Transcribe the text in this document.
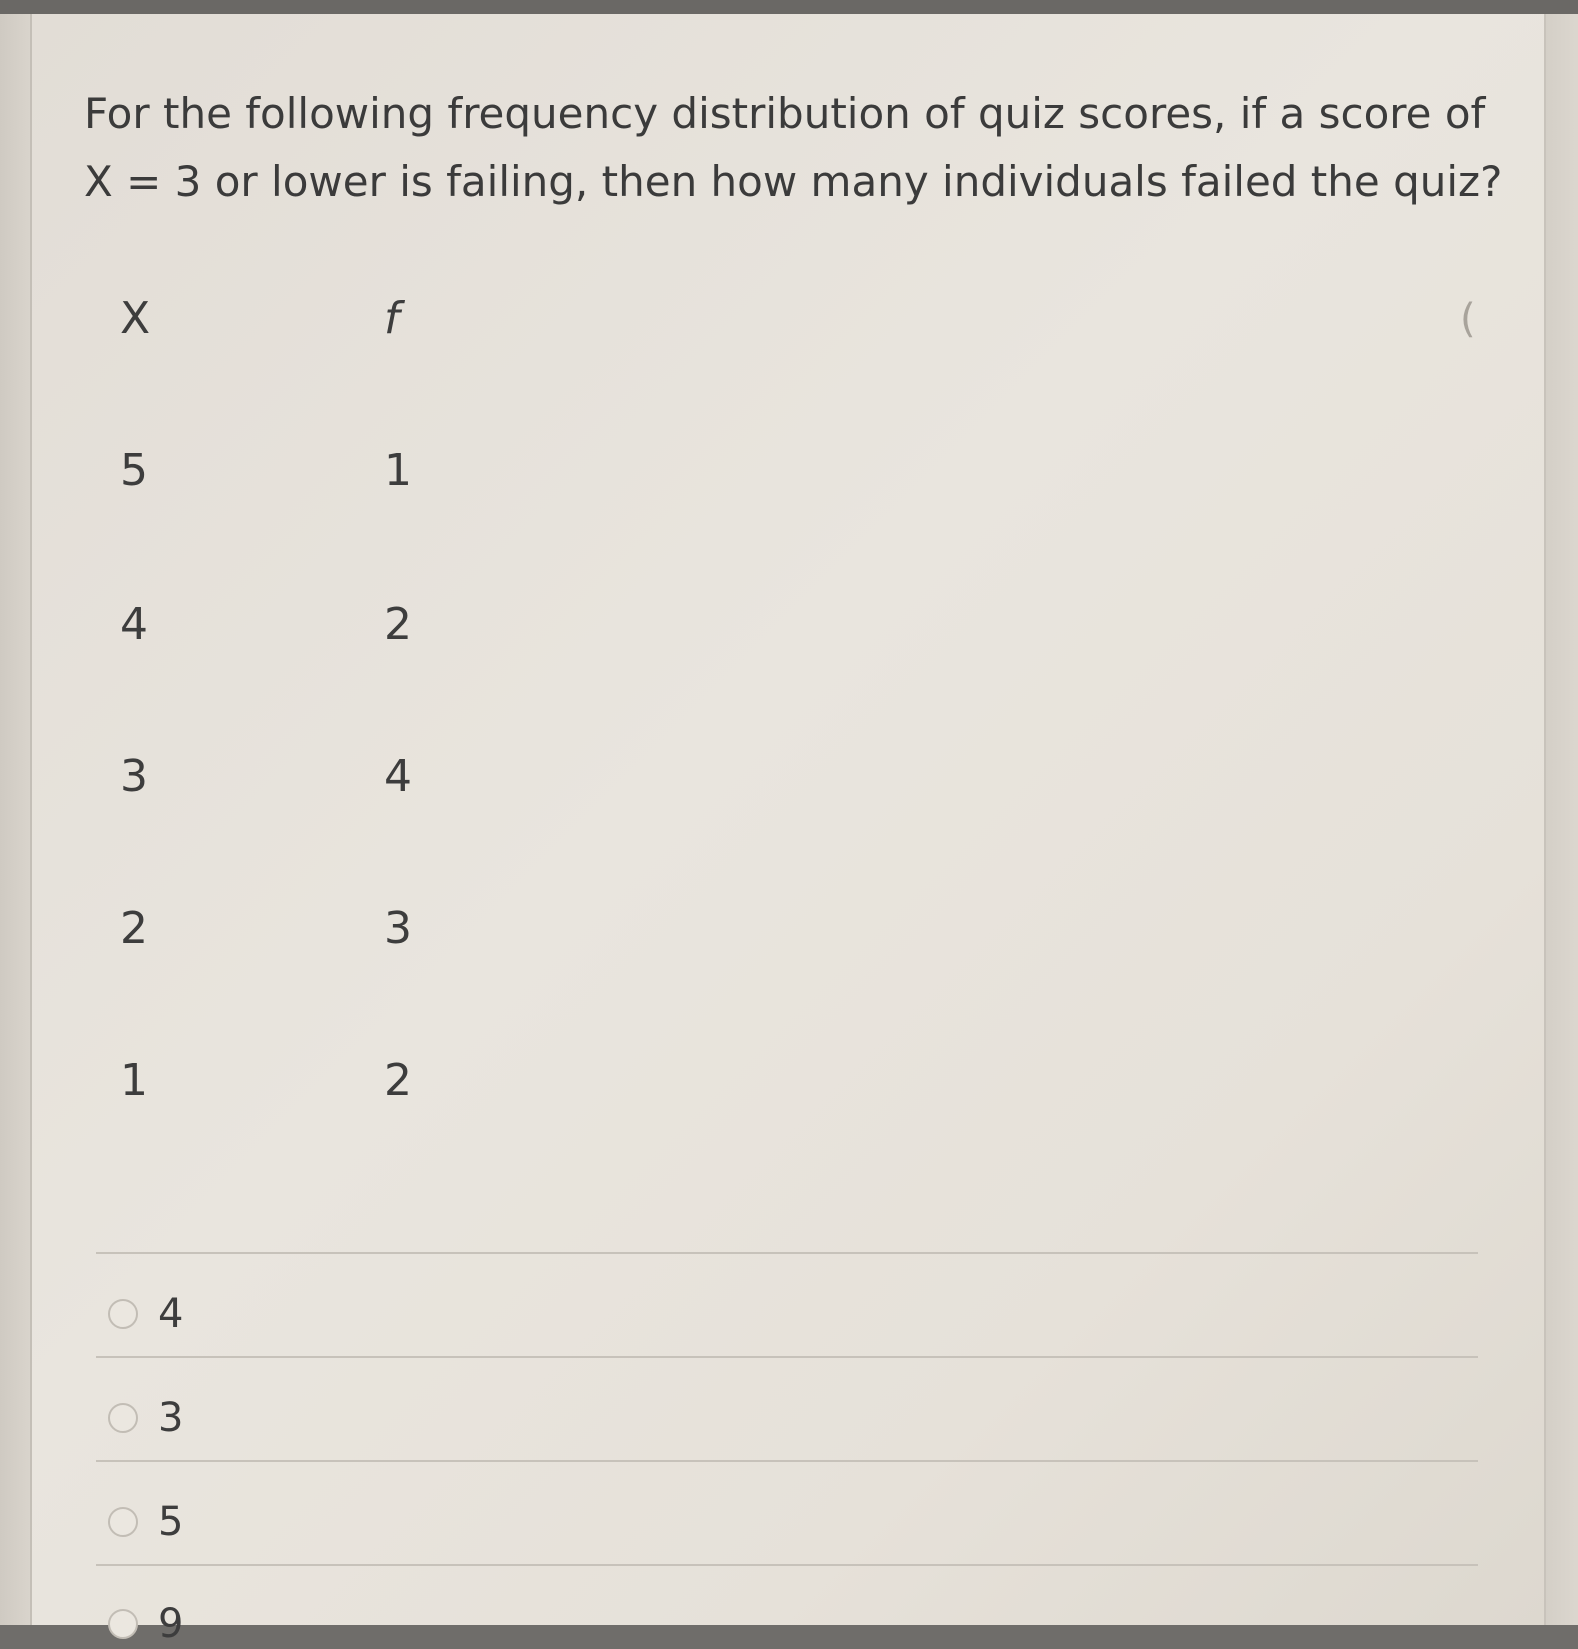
For the following frequency distribution of quiz scores, if a score of X = 3 or lower is failing, then how many individuals failed the quiz?

X	f
5	1
4	2
3	4
2	3
1	2
(
4
3
5
9
